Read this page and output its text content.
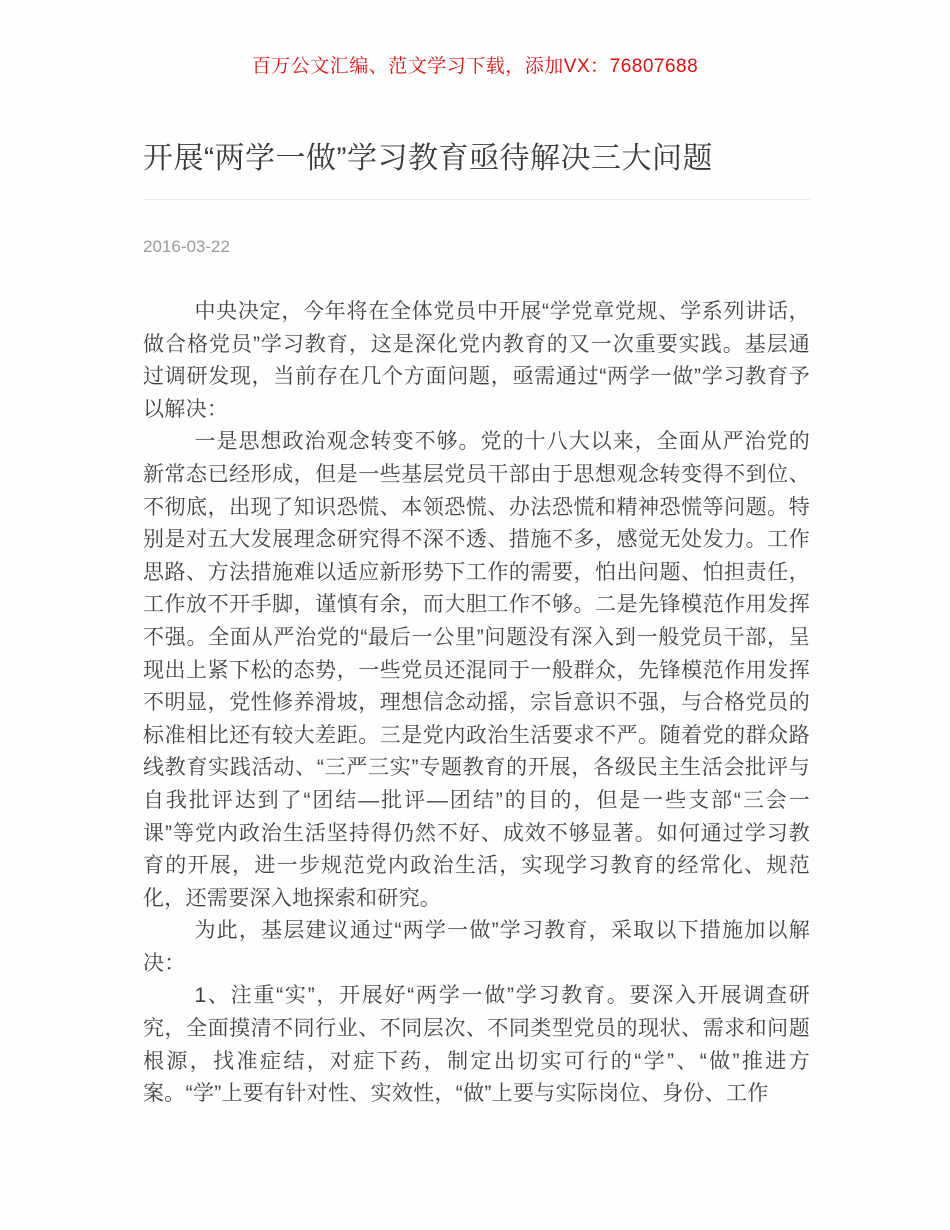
百万公文汇编、范文学习下载，添加VX：76807688
开展“两学一做”学习教育亟待解决三大问题
2016-03-22

中央决定，今年将在全体党员中开展“学党章党规、学系列讲话，做合格党员”学习教育，这是深化党内教育的又一次重要实践。基层通过调研发现，当前存在几个方面问题，亟需通过“两学一做”学习教育予以解决：

一是思想政治观念转变不够。党的十八大以来，全面从严治党的新常态已经形成，但是一些基层党员干部由于思想观念转变得不到位、不彻底，出现了知识恐慌、本领恐慌、办法恐慌和精神恐慌等问题。特别是对五大发展理念研究得不深不透、措施不多，感觉无处发力。工作思路、方法措施难以适应新形势下工作的需要，怕出问题、怕担责任，工作放不开手脚，谨慎有余，而大胆工作不够。二是先锋模范作用发挥不强。全面从严治党的“最后一公里”问题没有深入到一般党员干部，呈现出上紧下松的态势，一些党员还混同于一般群众，先锋模范作用发挥不明显，党性修养滑坡，理想信念动摇，宗旨意识不强，与合格党员的标准相比还有较大差距。三是党内政治生活要求不严。随着党的群众路线教育实践活动、“三严三实”专题教育的开展，各级民主生活会批评与自我批评达到了“团结—批评—团结”的目的，但是一些支部“三会一课”等党内政治生活坚持得仍然不好、成效不够显著。如何通过学习教育的开展，进一步规范党内政治生活，实现学习教育的经常化、规范化，还需要深入地探索和研究。

为此，基层建议通过“两学一做”学习教育，采取以下措施加以解决：

1、注重“实”，开展好“两学一做”学习教育。要深入开展调查研究，全面摸清不同行业、不同层次、不同类型党员的现状、需求和问题根源，找准症结，对症下药，制定出切实可行的“学”、“做”推进方案。“学”上要有针对性、实效性，“做”上要与实际岗位、身份、工作
